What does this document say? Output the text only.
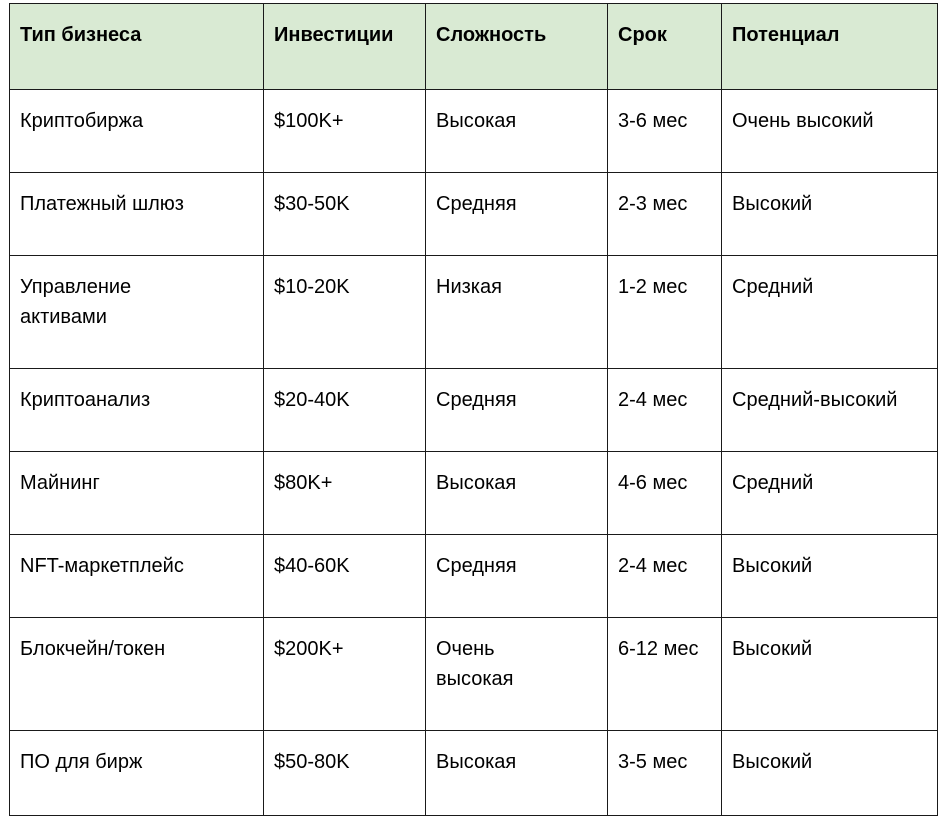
Тип бизнеса	Инвестиции	Сложность	Срок	Потенциал
Криптобиржа	$100K+	Высокая	3-6 мес	Очень высокий
Платежный шлюз	$30-50K	Средняя	2-3 мес	Высокий
Управление активами	$10-20K	Низкая	1-2 мес	Средний
Криптоанализ	$20-40K	Средняя	2-4 мес	Средний-высокий
Майнинг	$80K+	Высокая	4-6 мес	Средний
NFT-маркетплейс	$40-60K	Средняя	2-4 мес	Высокий
Блокчейн/токен	$200K+	Очень высокая	6-12 мес	Высокий
ПО для бирж	$50-80K	Высокая	3-5 мес	Высокий
